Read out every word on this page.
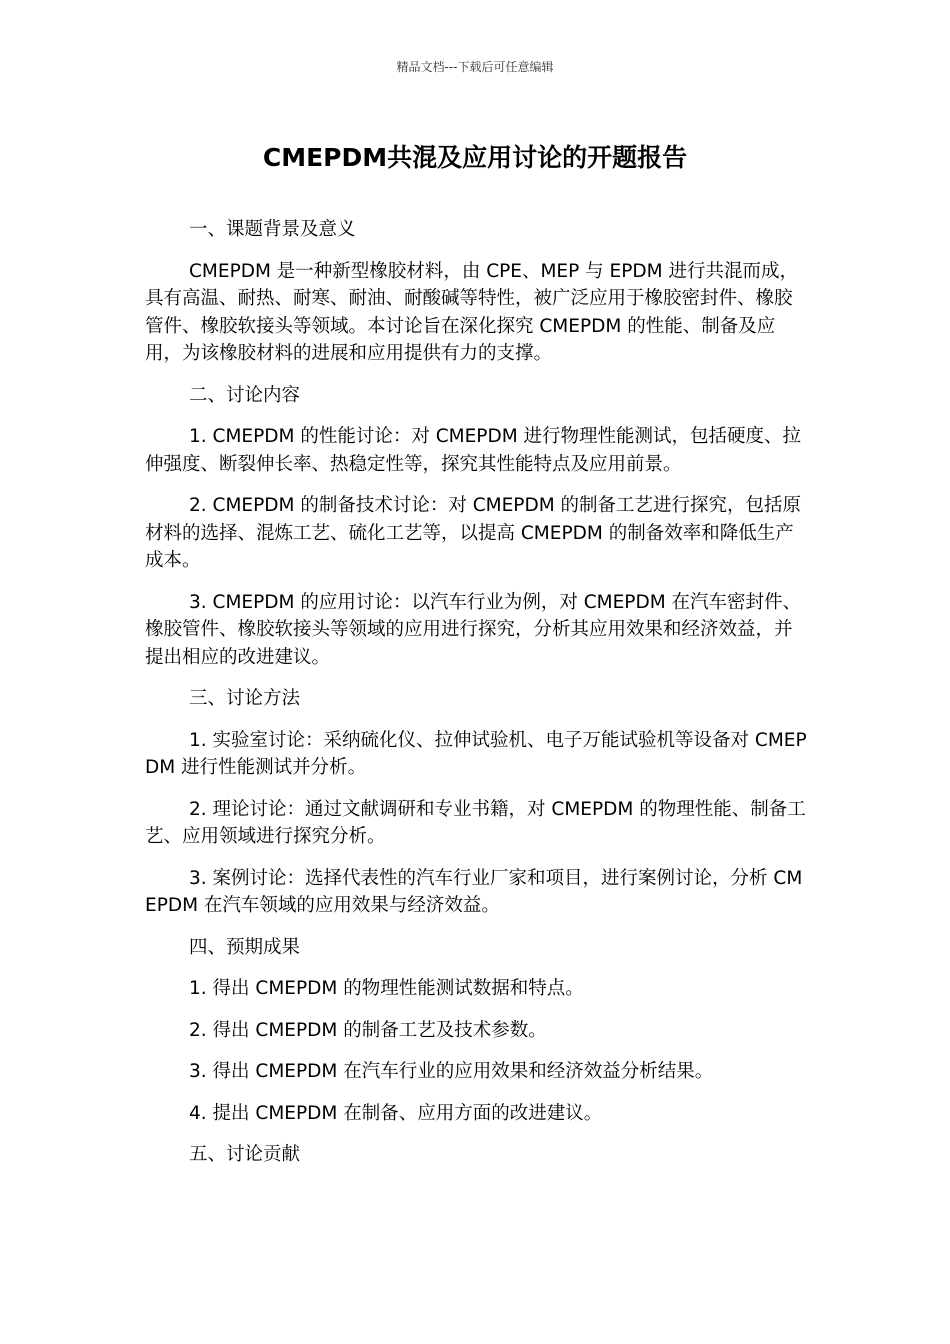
精品文档---下载后可任意编辑
CMEPDM共混及应用讨论的开题报告

一、课题背景及意义

CMEPDM 是一种新型橡胶材料，由 CPE、MEP 与 EPDM 进行共混而成，具有高温、耐热、耐寒、耐油、耐酸碱等特性，被广泛应用于橡胶密封件、橡胶管件、橡胶软接头等领域。本讨论旨在深化探究 CMEPDM 的性能、制备及应用，为该橡胶材料的进展和应用提供有力的支撑。

二、讨论内容

1. CMEPDM 的性能讨论：对 CMEPDM 进行物理性能测试，包括硬度、拉伸强度、断裂伸长率、热稳定性等，探究其性能特点及应用前景。

2. CMEPDM 的制备技术讨论：对 CMEPDM 的制备工艺进行探究，包括原材料的选择、混炼工艺、硫化工艺等，以提高 CMEPDM 的制备效率和降低生产成本。

3. CMEPDM 的应用讨论：以汽车行业为例，对 CMEPDM 在汽车密封件、橡胶管件、橡胶软接头等领域的应用进行探究，分析其应用效果和经济效益，并提出相应的改进建议。

三、讨论方法

1. 实验室讨论：采纳硫化仪、拉伸试验机、电子万能试验机等设备对 CMEPDM 进行性能测试并分析。

2. 理论讨论：通过文献调研和专业书籍，对 CMEPDM 的物理性能、制备工艺、应用领域进行探究分析。

3. 案例讨论：选择代表性的汽车行业厂家和项目，进行案例讨论，分析 CMEPDM 在汽车领域的应用效果与经济效益。

四、预期成果

1. 得出 CMEPDM 的物理性能测试数据和特点。

2. 得出 CMEPDM 的制备工艺及技术参数。

3. 得出 CMEPDM 在汽车行业的应用效果和经济效益分析结果。

4. 提出 CMEPDM 在制备、应用方面的改进建议。

五、讨论贡献
